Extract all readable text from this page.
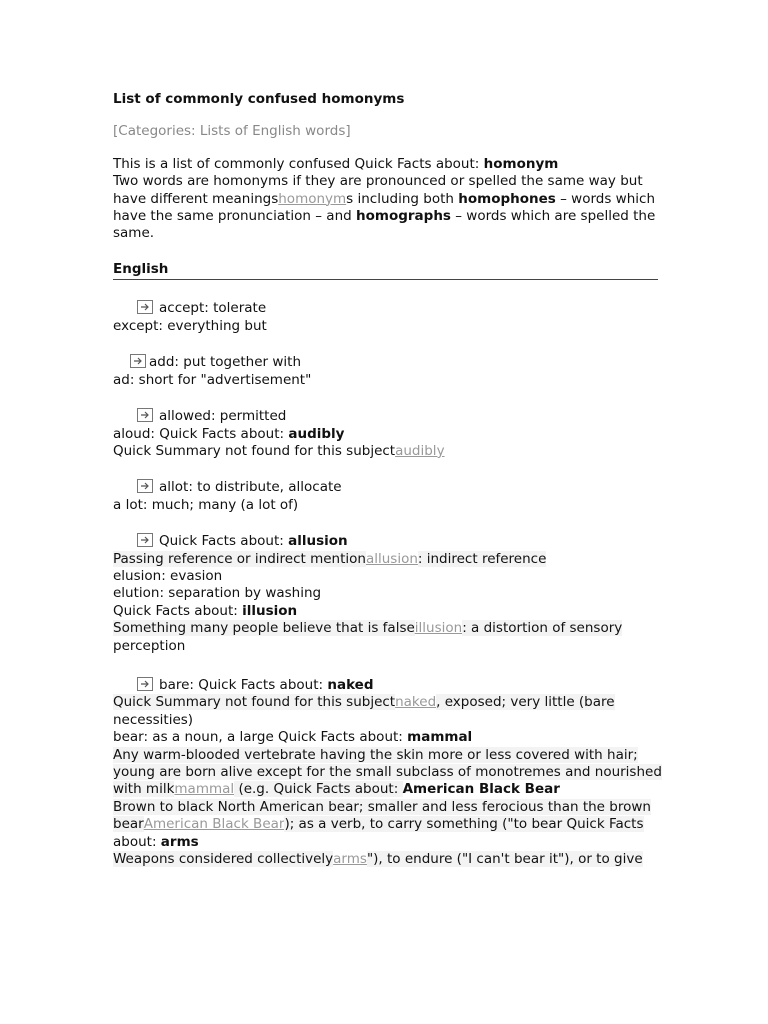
List of commonly confused homonyms
[Categories: Lists of English words]
This is a list of commonly confused Quick Facts about: homonym
Two words are homonyms if they are pronounced or spelled the same way but
have different meaningshomonyms including both homophones – words which
have the same pronunciation – and homographs – words which are spelled the
same.
English
accept: tolerate
except: everything but
add: put together with
ad: short for "advertisement"
allowed: permitted
aloud: Quick Facts about: audibly
Quick Summary not found for this subjectaudibly
allot: to distribute, allocate
a lot: much; many (a lot of)
Quick Facts about: allusion
Passing reference or indirect mentionallusion: indirect reference
elusion: evasion
elution: separation by washing
Quick Facts about: illusion
Something many people believe that is falseillusion: a distortion of sensory
perception
bare: Quick Facts about: naked
Quick Summary not found for this subjectnaked, exposed; very little (bare
necessities)
bear: as a noun, a large Quick Facts about: mammal
Any warm-blooded vertebrate having the skin more or less covered with hair;
young are born alive except for the small subclass of monotremes and nourished
with milkmammal (e.g. Quick Facts about: American Black Bear
Brown to black North American bear; smaller and less ferocious than the brown
bearAmerican Black Bear); as a verb, to carry something ("to bear Quick Facts
about: arms
Weapons considered collectivelyarms"), to endure ("I can't bear it"), or to give
